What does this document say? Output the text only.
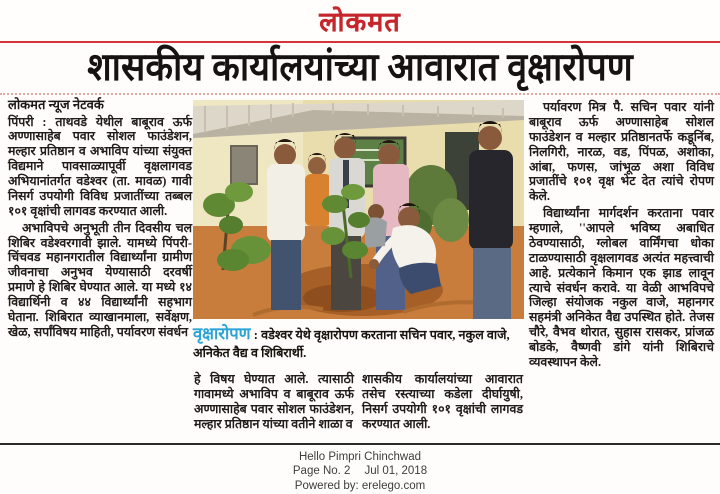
लोकमत
शासकीय कार्यालयांच्या आवारात वृक्षारोपण

लोकमत न्यूज नेटवर्क

पिंपरी : ताथवडे येथील बाबूराव ऊर्फ अण्णासाहेब पवार सोशल फाउंडेशन, मल्हार प्रतिष्ठान व अभाविप यांच्या संयुक्त विद्यमाने पावसाळ्यापूर्वी वृक्षलागवड अभियानांतर्गत वडेश्वर (ता. मावळ) गावी निसर्ग उपयोगी विविध प्रजातींच्या तब्बल १०१ वृक्षांची लागवड करण्यात आली.

अभाविपचे अनुभूती तीन दिवसीय चल शिबिर वडेश्वरगावी झाले. यामध्ये पिंपरी-चिंचवड महानगरातील विद्यार्थ्यांना ग्रामीण जीवनाचा अनुभव येण्यासाठी दरवर्षी प्रमाणे हे शिबिर घेण्यात आले. या मध्ये १४ विद्यार्थिनी व ४४ विद्यार्थ्यांनी सहभाग घेताना. शिबिरात व्याखानमाला, सर्वेक्षण, खेळ, सर्पांविषय माहिती, पर्यावरण संवर्धन वृक्षारोपण : वडेश्वर येथे वृक्षारोपण करताना सचिन पवार, नकुल वाजे, अनिकेत वैद्य व शिबिरार्थी.

हे विषय घेण्यात आले. त्यासाठी गावामध्ये अभाविप व बाबूराव ऊर्फ अण्णासाहेब पवार सोशल फाउंडेशन, मल्हार प्रतिष्ठान यांच्या वतीने शाळा व

शासकीय कार्यालयांच्या आवारात तसेच रस्त्याच्या कडेला दीर्घायुषी, निसर्ग उपयोगी १०१ वृक्षांची लागवड करण्यात आली.

पर्यावरण मित्र पै. सचिन पवार यांनी बाबूराव ऊर्फ अण्णासाहेब सोशल फाउंडेशन व मल्हार प्रतिष्ठानतर्फे कडूनिंब, निलगिरी, नारळ, वड, पिंपळ, अशोका, आंबा, फणस, जांभूळ अशा विविध प्रजातींचे १०१ वृक्ष भेट देत त्यांचे रोपण केले.

विद्यार्थ्यांना मार्गदर्शन करताना पवार म्हणाले, ''आपले भविष्य अबाधित ठेवण्यासाठी, ग्लोबल वार्मिंगचा धोका टाळण्यासाठी वृक्षलागवड अत्यंत महत्त्वाची आहे. प्रत्येकाने किमान एक झाड लावून त्याचे संवर्धन करावे. या वेळी आभविपचे जिल्हा संयोजक नकुल वाजे, महानगर सहमंत्री अनिकेत वैद्य उपस्थित होते. तेजस चौरे, वैभव थोरात, सुहास रासकर, प्रांजळ बोडके, वैष्णवी डांगे यांनी शिबिराचे व्यवस्थापन केले.

Hello Pimpri Chinchwad
Page No. 2 Jul 01, 2018
Powered by: erelego.com
